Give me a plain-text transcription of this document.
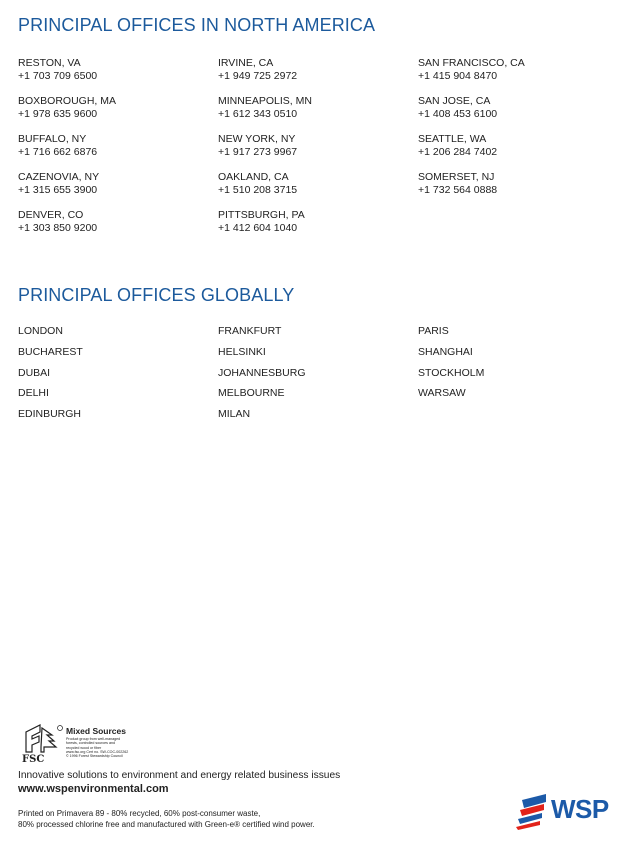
PRINCIPAL OFFICES IN NORTH AMERICA
RESTON, VA
+1 703 709 6500
BOXBOROUGH, MA
+1 978 635 9600
BUFFALO, NY
+1 716 662 6876
CAZENOVIA, NY
+1 315 655 3900
DENVER, CO
+1 303 850 9200
IRVINE, CA
+1 949 725 2972
MINNEAPOLIS, MN
+1 612 343 0510
NEW YORK, NY
+1 917 273 9967
OAKLAND, CA
+1 510 208 3715
PITTSBURGH, PA
+1 412 604 1040
SAN FRANCISCO, CA
+1 415 904 8470
SAN JOSE, CA
+1 408 453 6100
SEATTLE, WA
+1 206 284 7402
SOMERSET, NJ
+1 732 564 0888
PRINCIPAL OFFICES GLOBALLY
LONDON
BUCHAREST
DUBAI
DELHI
EDINBURGH
FRANKFURT
HELSINKI
JOHANNESBURG
MELBOURNE
MILAN
PARIS
SHANGHAI
STOCKHOLM
WARSAW
FSC
Mixed Sources
Product group from well-managed
forests, controlled sources and
recycled wood or fiber
www.fsc.org Cert no. SW-COC-002262
© 1996 Forest Stewardship Council
Innovative solutions to environment and energy related business issues
www.wspenvironmental.com
Printed on Primavera 89 - 80% recycled, 60% post-consumer waste,
80% processed chlorine free and manufactured with Green-e® certified wind power.
WSP
